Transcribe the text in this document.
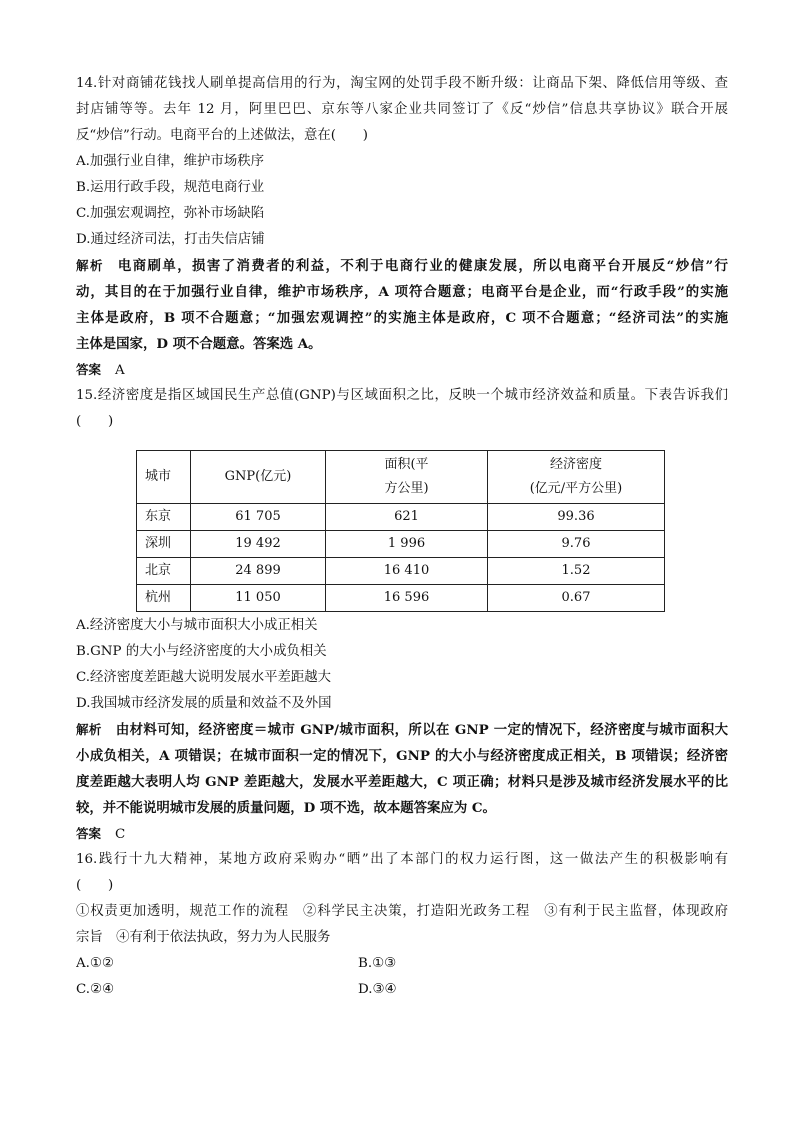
14.针对商铺花钱找人刷单提高信用的行为，淘宝网的处罚手段不断升级：让商品下架、降低信用等级、查
封店铺等等。去年 12 月，阿里巴巴、京东等八家企业共同签订了《反“炒信”信息共享协议》联合开展
反“炒信”行动。电商平台的上述做法，意在(　　)
A.加强行业自律，维护市场秩序
B.运用行政手段，规范电商行业
C.加强宏观调控，弥补市场缺陷
D.通过经济司法，打击失信店铺
解析 电商刷单，损害了消费者的利益，不利于电商行业的健康发展，所以电商平台开展反“炒信”行
动，其目的在于加强行业自律，维护市场秩序，A 项符合题意；电商平台是企业，而“行政手段”的实施
主体是政府，B 项不合题意；“加强宏观调控”的实施主体是政府，C 项不合题意；“经济司法”的实施
主体是国家，D 项不合题意。答案选 A。
答案 A
15.经济密度是指区域国民生产总值(GNP)与区域面积之比，反映一个城市经济效益和质量。下表告诉我们
(　　)
城市	GNP(亿元)	面积(平
方公里)	经济密度
(亿元/平方公里)
东京	61 705	621	99.36
深圳	19 492	1 996	9.76
北京	24 899	16 410	1.52
杭州	11 050	16 596	0.67
A.经济密度大小与城市面积大小成正相关
B.GNP 的大小与经济密度的大小成负相关
C.经济密度差距越大说明发展水平差距越大
D.我国城市经济发展的质量和效益不及外国
解析 由材料可知，经济密度＝城市 GNP/城市面积，所以在 GNP 一定的情况下，经济密度与城市面积大
小成负相关，A 项错误；在城市面积一定的情况下，GNP 的大小与经济密度成正相关，B 项错误；经济密
度差距越大表明人均 GNP 差距越大，发展水平差距越大，C 项正确；材料只是涉及城市经济发展水平的比
较，并不能说明城市发展的质量问题，D 项不选，故本题答案应为 C。
答案 C
16.践行十九大精神，某地方政府采购办“晒”出了本部门的权力运行图，这一做法产生的积极影响有
(　　)
①权责更加透明，规范工作的流程　②科学民主决策，打造阳光政务工程　③有利于民主监督，体现政府
宗旨　④有利于依法执政，努力为人民服务
A.①②	B.①③
C.②④	D.③④
